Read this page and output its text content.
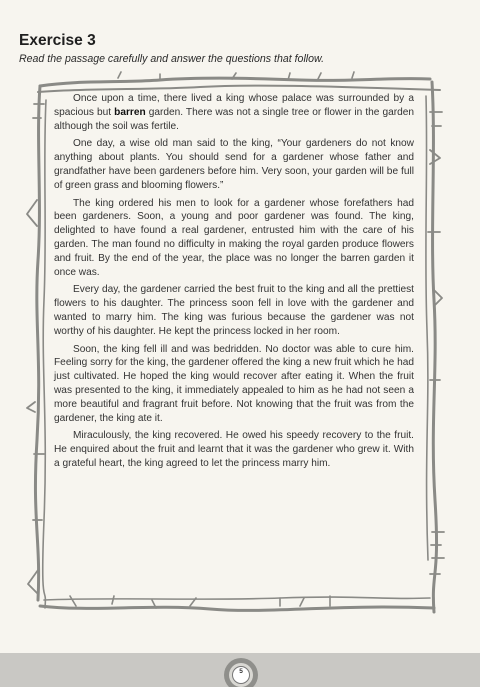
Exercise 3
Read the passage carefully and answer the questions that follow.

Once upon a time, there lived a king whose palace was surrounded by a spacious but barren garden. There was not a single tree or flower in the garden although the soil was fertile.

One day, a wise old man said to the king, “Your gardeners do not know anything about plants. You should send for a gardener whose father and grandfather have been gardeners before him. Very soon, your garden will be full of green grass and blooming flowers.”

The king ordered his men to look for a gardener whose forefathers had been gardeners. Soon, a young and poor gardener was found. The king, delighted to have found a real gardener, entrusted him with the care of his garden. The man found no difficulty in making the royal garden produce flowers and fruit. By the end of the year, the place was no longer the barren garden it once was.

Every day, the gardener carried the best fruit to the king and all the prettiest flowers to his daughter. The princess soon fell in love with the gardener and wanted to marry him. The king was furious because the gardener was not worthy of his daughter. He kept the princess locked in her room.

Soon, the king fell ill and was bedridden. No doctor was able to cure him. Feeling sorry for the king, the gardener offered the king a new fruit which he had just cultivated. He hoped the king would recover after eating it. When the fruit was presented to the king, it immediately appealed to him as he had not seen a more beautiful and fragrant fruit before. Not knowing that the fruit was from the gardener, the king ate it.

Miraculously, the king recovered. He owed his speedy recovery to the fruit. He enquired about the fruit and learnt that it was the gardener who grew it. With a grateful heart, the king agreed to let the princess marry him.

5
